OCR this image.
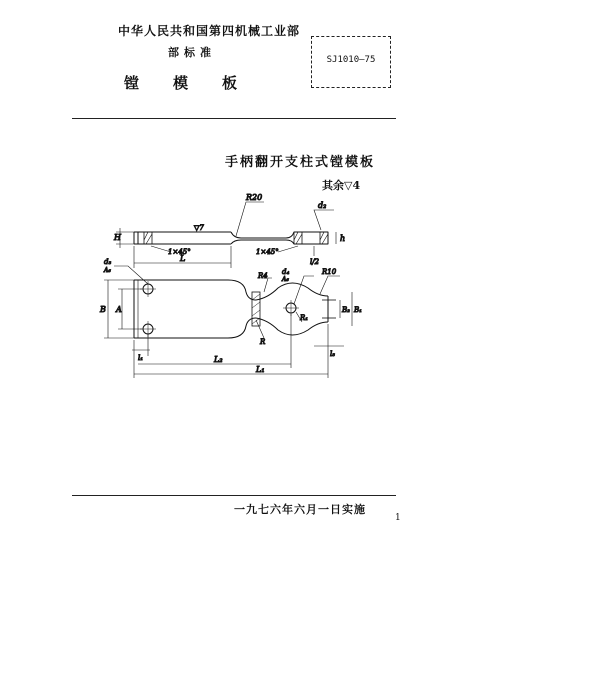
中华人民共和国第四机械工业部
部标准
镗模板
SJ1010—75
手柄翻开支柱式镗模板
其余▽4
H	h
▽7
R20
d₂
1×45°	1×45°
L	l/2
d₃
A₆
R4 d₄
A₆
R10
B A
R₁
R
B₂ B₁
l₁	l₃
L₂
L₁
一九七六年六月一日实施
1
